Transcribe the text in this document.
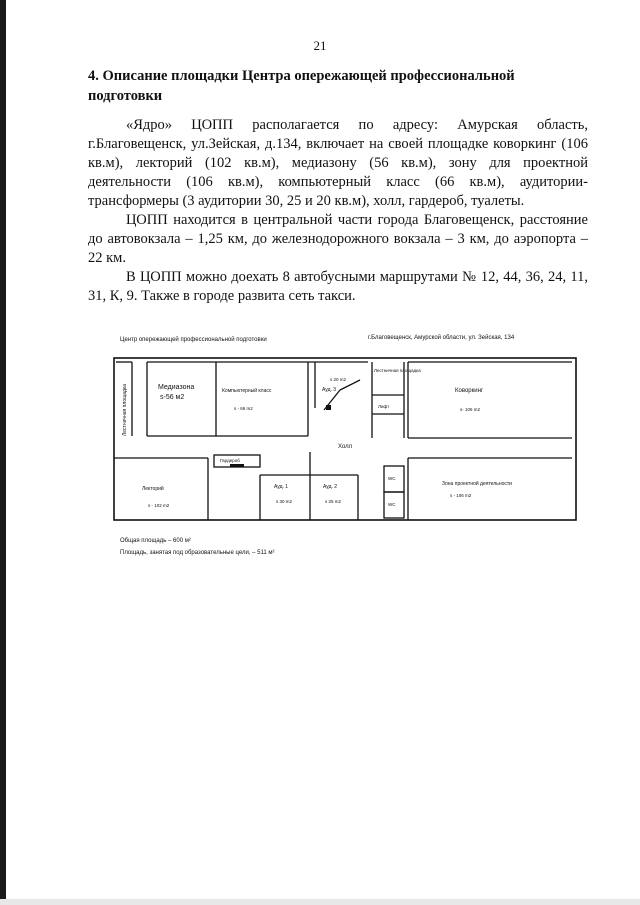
21
4. Описание площадки Центра опережающей профессиональной подготовки

«Ядро» ЦОПП располагается по адресу: Амурская область, г.Благовещенск, ул.Зейская, д.134, включает на своей площадке коворкинг (106 кв.м), лекторий (102 кв.м), медиазону (56 кв.м), зону для проектной деятельности (106 кв.м), компьютерный класс (66 кв.м), аудитории-трансформеры (3 аудитории 30, 25 и 20 кв.м), холл, гардероб, туалеты.

ЦОПП находится в центральной части города Благовещенск, расстояние до автовокзала – 1,25 км, до железнодорожного вокзала – 3 км, до аэропорта – 22 км.

В ЦОПП можно доехать 8 автобусными маршрутами № 12, 44, 36, 24, 11, 31, К, 9. Также в городе развита сеть такси.

Центр опережающей профессиональной подготовки	г.Благовещенск, Амурской области, ул. Зейская, 134
Лестничная площадка	Медиазона
s-56 м2
Компьютерный класс
s - 66 m2
s 20 m2
Ауд. 3
Лестничная площадка
Лифт
Коворкинг
s- 106 m2
Холл
Гардероб
Лекторий
s - 102 m2
Ауд. 1
s 30 m2
Ауд. 2
s 25 m2
WC
WC
Зона проектной деятельности
s - 106 m2
Общая площадь – 600 м²
Площадь, занятая под образовательные цели, – 511 м²
